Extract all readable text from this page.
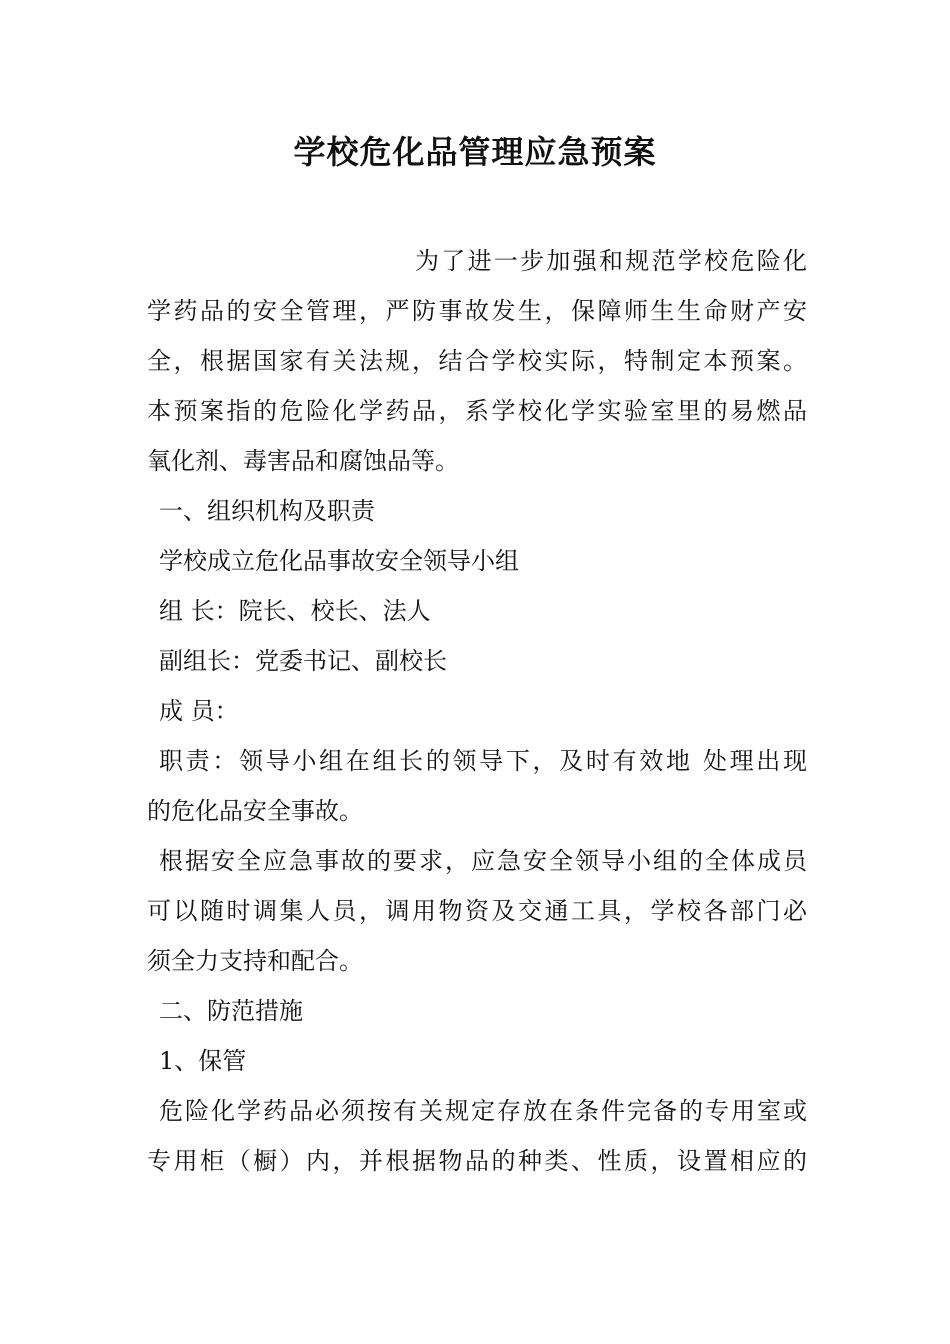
学校危化品管理应急预案
为了进一步加强和规范学校危险化
学药品的安全管理，严防事故发生，保障师生生命财产安
全，根据国家有关法规，结合学校实际，特制定本预案。
本预案指的危险化学药品，系学校化学实验室里的易燃品
氧化剂、毒害品和腐蚀品等。
一、组织机构及职责
学校成立危化品事故安全领导小组
组 长：院长、校长、法人
副组长：党委书记、副校长
成 员：
职责：领导小组在组长的领导下，及时有效地 处理出现
的危化品安全事故。
根据安全应急事故的要求，应急安全领导小组的全体成员
可以随时调集人员，调用物资及交通工具，学校各部门必
须全力支持和配合。
二、防范措施
1、保管
危险化学药品必须按有关规定存放在条件完备的专用室或
专用柜（橱）内，并根据物品的种类、性质，设置相应的
